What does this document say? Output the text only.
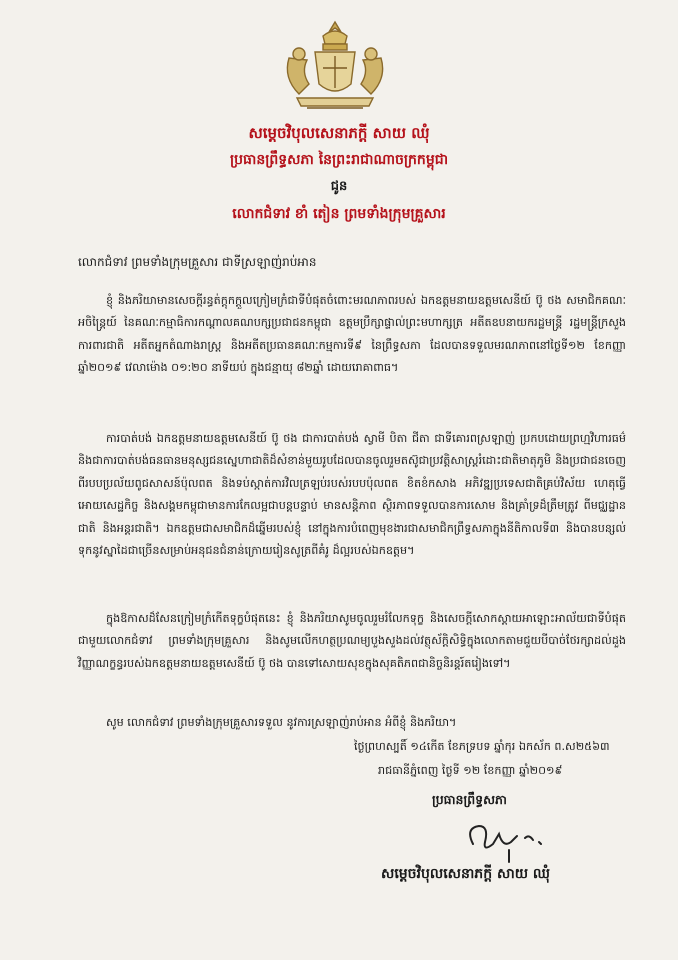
សម្តេចវិបុលសេនាភក្តី សាយ ឈុំ
ប្រធានព្រឹទ្ធសភា នៃព្រះរាជាណាចក្រកម្ពុជា
ជូន
លោកជំទាវ ខាំ តៀន ព្រមទាំងក្រុមគ្រួសារ
លោកជំទាវ ព្រមទាំងក្រុមគ្រួសារ ជាទីស្រឡាញ់រាប់អាន
ខ្ញុំ និងភរិយាមានសេចក្តីរន្ធត់ក្តុកក្តួលក្រៀមក្រំជាទីបំផុតចំពោះមរណភាពរបស់ ឯកឧត្តមនាយឧត្តមសេនីយ៍ ប៊ូ ថង សមាជិកគណៈអចិន្ត្រៃយ៍ នៃគណៈកម្មាធិការកណ្តាលគណបក្សប្រជាជនកម្ពុជា ឧត្តមប្រឹក្សាផ្ទាល់ព្រះមហាក្សត្រ អតីតឧបនាយករដ្ឋមន្ត្រី រដ្ឋមន្ត្រីក្រសួងការពារជាតិ អតីតអ្នកតំណាងរាស្ត្រ និងអតីតប្រធានគណៈកម្មការទី៩ នៃព្រឹទ្ធសភា ដែលបានទទួលមរណភាពនៅថ្ងៃទី១២ ខែកញ្ញា ឆ្នាំ២០១៩ វេលាម៉ោង ០១:២០ នាទីយប់ ក្នុងជន្មាយុ ៨២ឆ្នាំ ដោយរោគាពាធ។
ការបាត់បង់ ឯកឧត្តមនាយឧត្តមសេនីយ៍ ប៊ូ ថង ជាការបាត់បង់ ស្វាមី បិតា ជីតា ជាទីគោរពស្រឡាញ់ ប្រកបដោយព្រហ្មវិហារធម៌ និងជាការបាត់បង់ធនធានមនុស្សជនស្នេហាជាតិដ៏សំខាន់មួយរូបដែលបានចូលរួមតស៊ូជាប្រវត្តិសាស្ត្ររំដោះជាតិមាតុភូមិ និងប្រជាជនចេញពីរបបប្រល័យពូជសាសន៍ប៉ុលពត និងទប់ស្កាត់ការវិលត្រឡប់របស់របបប៉ុលពត ខិតខំកសាង អភិវឌ្ឍប្រទេសជាតិគ្រប់វិស័យ ហេតុធ្វើអោយសេដ្ឋកិច្ច និងសង្គមកម្ពុជាមានការកែលម្អជាបន្តបន្ទាប់ មានសន្តិភាព ស្ថិរភាពទទួលបានការសោម និងគ្រាំទ្រដ៏ត្រឹមត្រូវ ពីមជ្ឈដ្ឋានជាតិ និងអន្តរជាតិ។ ឯកឧត្តមជាសមាជិកដ៏ឆ្នើមរបស់ខ្ញុំ នៅក្នុងការបំពេញមុខងារជាសមាជិកព្រឹទ្ធសភាក្នុងនីតិកាលទី៣ និងបានបន្សល់ទុកនូវស្នាដៃជាច្រើនសម្រាប់អនុជនជំនាន់ក្រោយរៀនសូត្រពីគំរូ ដ៏ល្អរបស់ឯកឧត្តម។
ក្នុងឱកាសដ៏សែនក្រៀមក្រំកើតទុក្ខបំផុតនេះ ខ្ញុំ និងភរិយាសូមចូលរួមរំលែកទុក្ខ និងសេចក្តីសោកស្តាយអាឡោះអាល័យជាទីបំផុតជាមួយលោកជំទាវ ព្រមទាំងក្រុមគ្រួសារ និងសូមលើកហត្ថប្រណម្យបួងសួងដល់វត្ថុស័ក្តិសិទ្ធិក្នុងលោកតាមជួយបីបាច់ថែរក្សាដល់ដួងវិញ្ញាណក្ខន្ធរបស់ឯកឧត្តមនាយឧត្តមសេនីយ៍ ប៊ូ ថង បានទៅសោយសុខក្នុងសុគតិភពជានិច្ចនិរន្តរ៍តរៀងទៅ។
សូម លោកជំទាវ ព្រមទាំងក្រុមគ្រួសារទទួល នូវការស្រឡាញ់រាប់អាន អំពីខ្ញុំ និងភរិយា។
ថ្ងៃព្រហស្បតិ៍ ១៤កើត ខែភទ្របទ ឆ្នាំកុរ ឯកស័ក ព.ស២៥៦៣
រាជធានីភ្នំពេញ ថ្ងៃទី ១២ ខែកញ្ញា ឆ្នាំ២០១៩
ប្រធានព្រឹទ្ធសភា
សម្តេចវិបុលសេនាភក្តី សាយ ឈុំ
